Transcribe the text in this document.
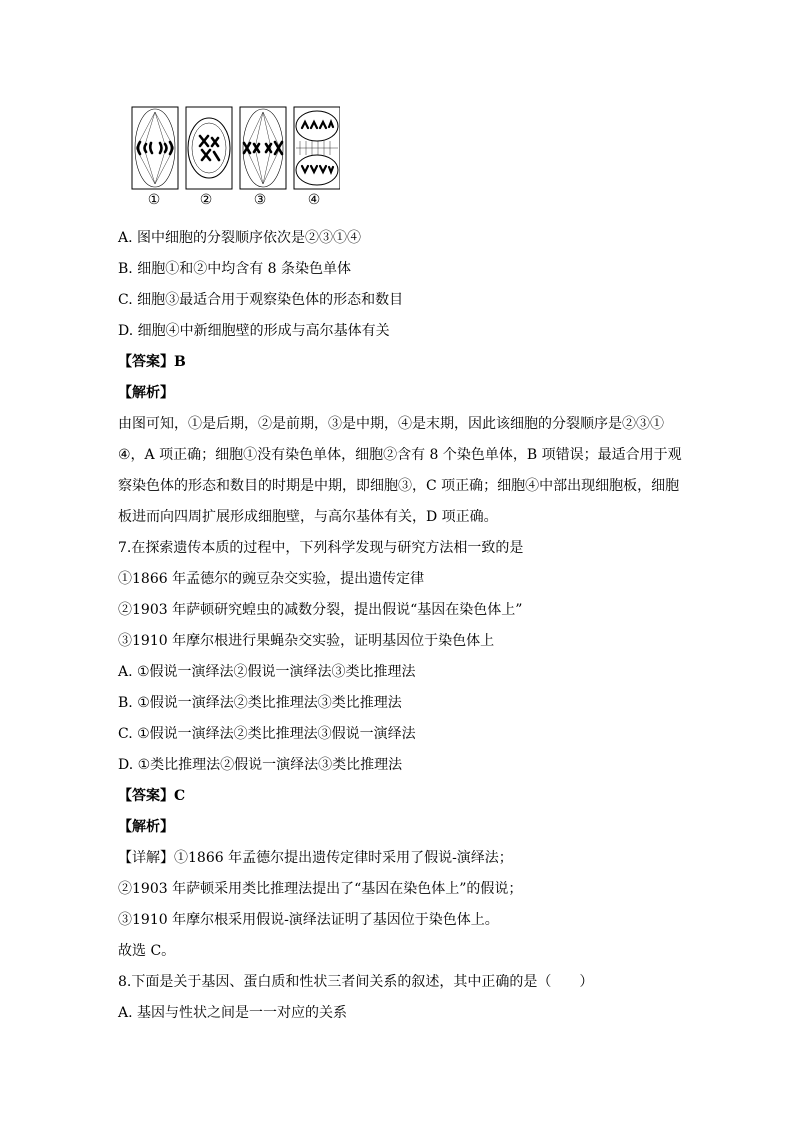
①	②	③	④
A. 图中细胞的分裂顺序依次是②③①④
B. 细胞①和②中均含有 8 条染色单体
C. 细胞③最适合用于观察染色体的形态和数目
D. 细胞④中新细胞壁的形成与高尔基体有关
【答案】B
【解析】
由图可知，①是后期，②是前期，③是中期，④是末期，因此该细胞的分裂顺序是②③①
④，A 项正确；细胞①没有染色单体，细胞②含有 8 个染色单体，B 项错误；最适合用于观
察染色体的形态和数目的时期是中期，即细胞③，C 项正确；细胞④中部出现细胞板，细胞
板进而向四周扩展形成细胞壁，与高尔基体有关，D 项正确。
7.在探索遗传本质的过程中，下列科学发现与研究方法相一致的是
①1866 年孟德尔的豌豆杂交实验，提出遗传定律
②1903 年萨顿研究蝗虫的减数分裂，提出假说“基因在染色体上”
③1910 年摩尔根进行果蝇杂交实验，证明基因位于染色体上
A. ①假说一演绎法②假说一演绎法③类比推理法
B. ①假说一演绎法②类比推理法③类比推理法
C. ①假说一演绎法②类比推理法③假说一演绎法
D. ①类比推理法②假说一演绎法③类比推理法
【答案】C
【解析】
【详解】①1866 年孟德尔提出遗传定律时采用了假说-演绎法；
②1903 年萨顿采用类比推理法提出了“基因在染色体上”的假说；
③1910 年摩尔根采用假说-演绎法证明了基因位于染色体上。
故选 C。
8.下面是关于基因、蛋白质和性状三者间关系的叙述，其中正确的是（　　）
A. 基因与性状之间是一一对应的关系
